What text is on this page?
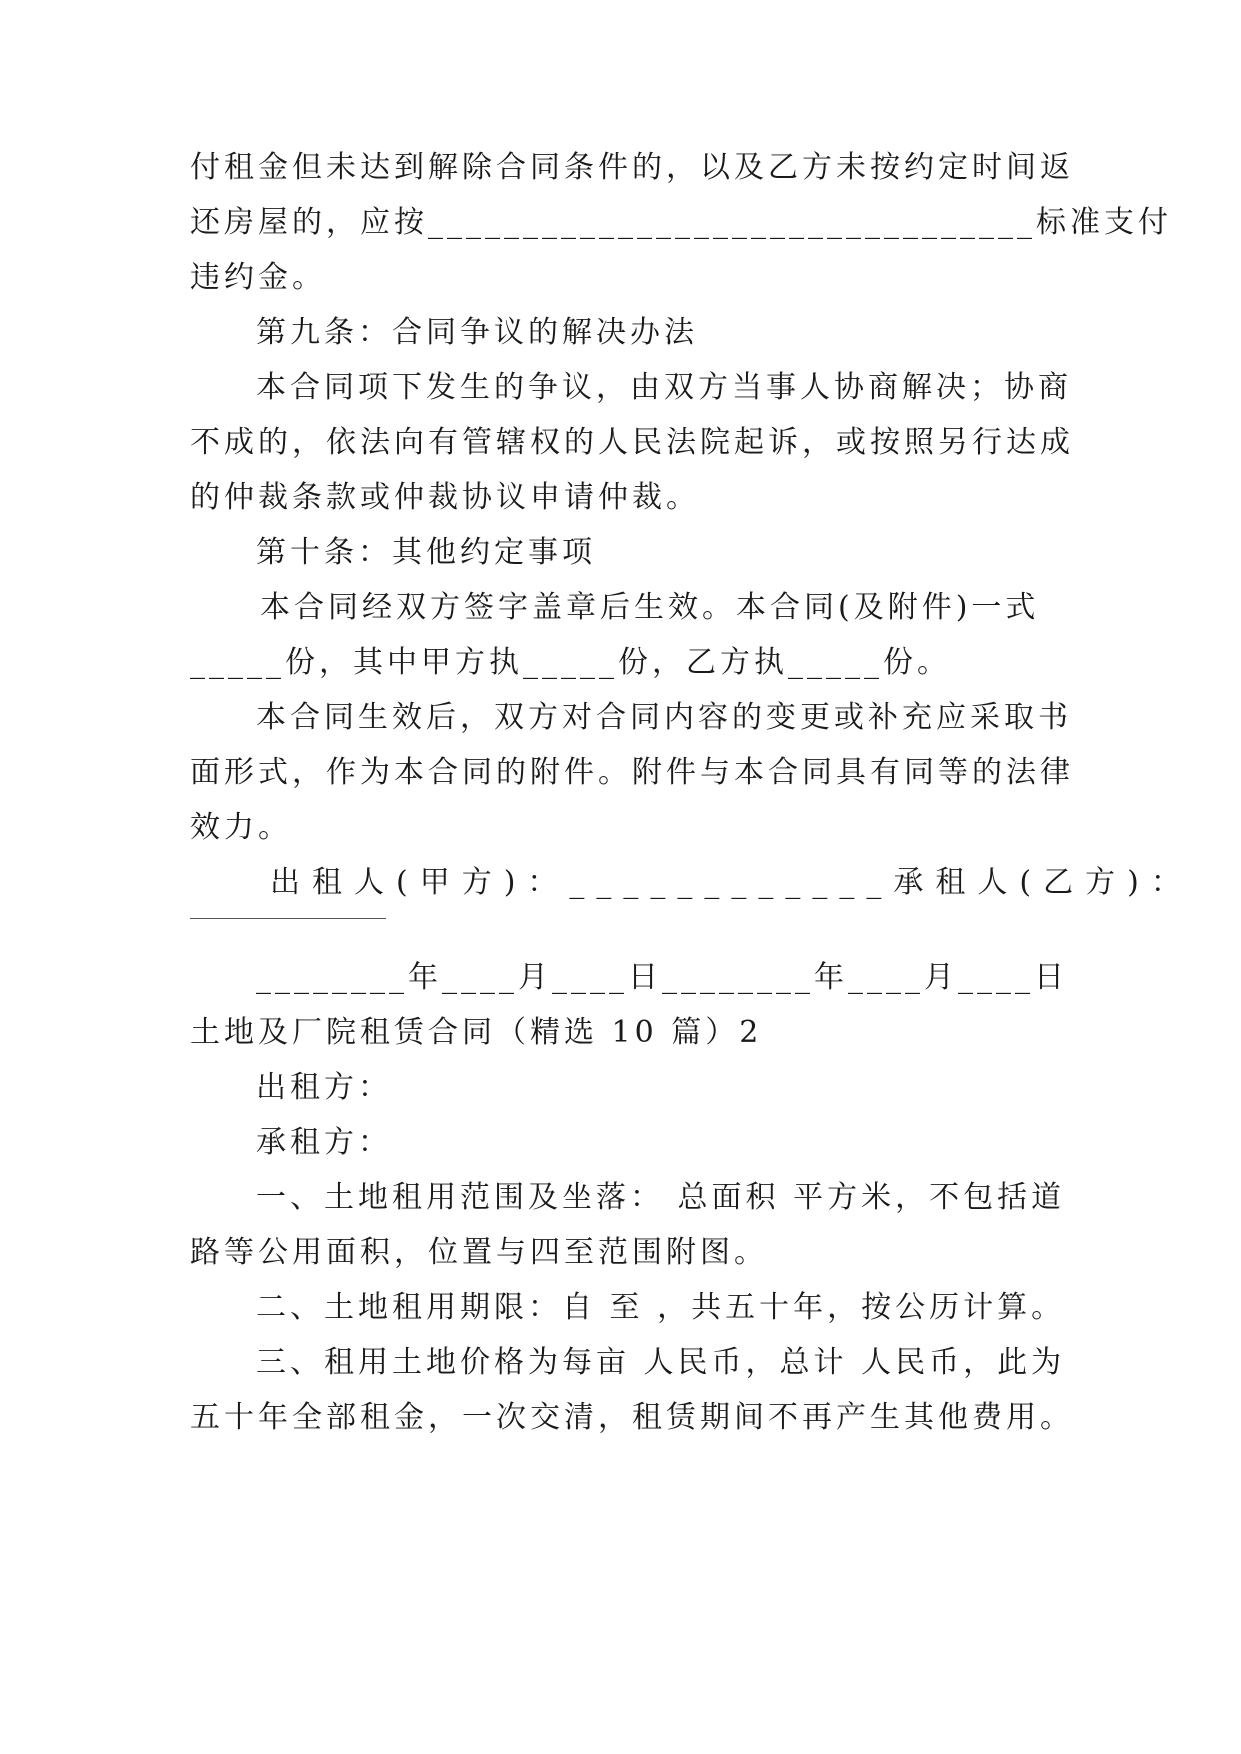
付租金但未达到解除合同条件的，以及乙方未按约定时间返
还房屋的，应按________________________________标准支付
违约金。
第九条：合同争议的解决办法
本合同项下发生的争议，由双方当事人协商解决；协商
不成的，依法向有管辖权的人民法院起诉，或按照另行达成
的仲裁条款或仲裁协议申请仲裁。
第十条：其他约定事项
本合同经双方签字盖章后生效。本合同(及附件)一式
_____份，其中甲方执_____份，乙方执_____份。
本合同生效后，双方对合同内容的变更或补充应采取书
面形式，作为本合同的附件。附件与本合同具有同等的法律
效力。
出租人(甲方)：____________承租人(乙方)：
________年____月____日________年____月____日
土地及厂院租赁合同（精选 10 篇）2
出租方：
承租方：
一、土地租用范围及坐落： 总面积 平方米，不包括道
路等公用面积，位置与四至范围附图。
二、土地租用期限：自 至 ，共五十年，按公历计算。
三、租用土地价格为每亩 人民币，总计 人民币，此为
五十年全部租金，一次交清，租赁期间不再产生其他费用。
